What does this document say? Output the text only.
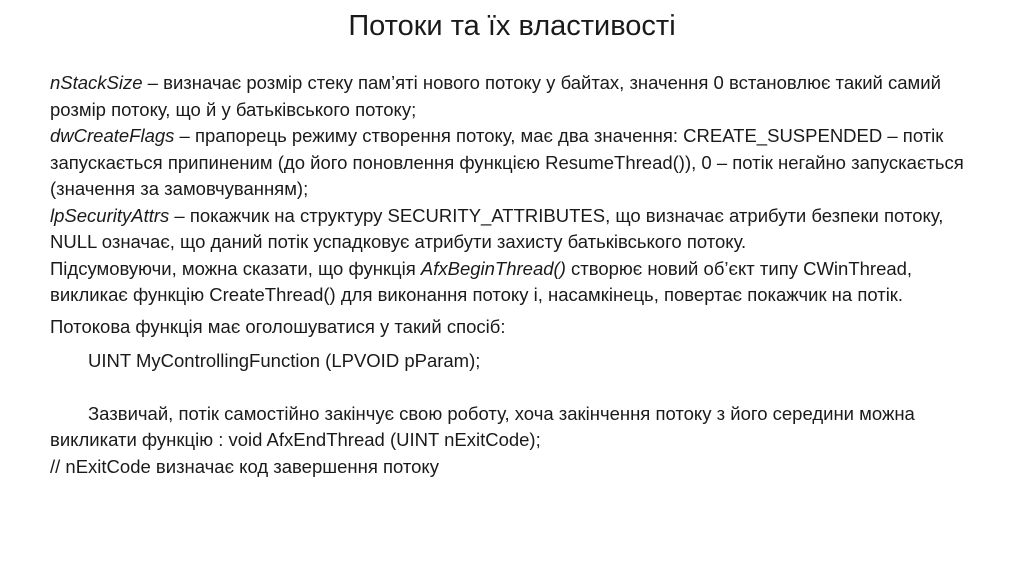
Потоки та їх властивості

nStackSize – визначає розмір стеку пам’яті нового потоку у байтах, значення 0 встановлює такий самий розмір потоку, що й у батьківського потоку;

dwCreateFlags – прапорець режиму створення потоку, має два значення: CREATE_SUSPENDED – потік запускається припиненим (до його поновлення функцією ResumeThread()), 0 – потік негайно запускається (значення за замовчуванням);

lpSecurityAttrs – покажчик на структуру SECURITY_ATTRIBUTES, що визначає атрибути безпеки потоку, NULL означає, що даний потік успадковує атрибути захисту батьківського потоку.

Підсумовуючи, можна сказати, що функція AfxBeginThread() створює новий об’єкт типу CWinThread, викликає функцію CreateThread() для виконання потоку і, насамкінець, повертає покажчик на потік.

Потокова функція має оголошуватися у такий спосіб:

UINT MyControllingFunction (LPVOID pParam);

Зазвичай, потік самостійно закінчує свою роботу, хоча закінчення потоку з його середини можна викликати функцію : void AfxEndThread (UINT nExitCode);

// nExitCode визначає код завершення потоку
